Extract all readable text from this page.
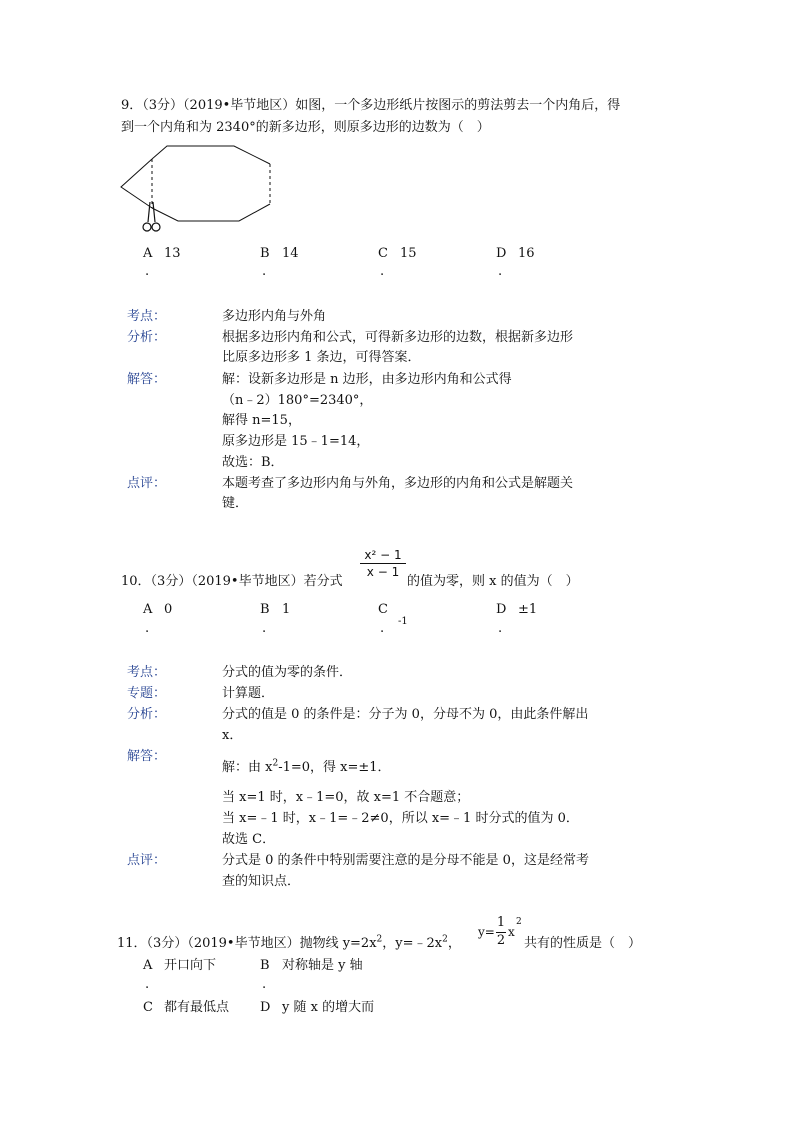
9．（3分）（2019•毕节地区）如图，一个多边形纸片按图示的剪法剪去一个内角后，得
到一个内角和为 2340°的新多边形，则原多边形的边数为（　）
A 13
.
B 14
.
C 15
.
D 16
.
考点：	多边形内角与外角
分析：	根据多边形内角和公式，可得新多边形的边数，根据新多边形
比原多边形多 1 条边，可得答案．
解答：	解：设新多边形是 n 边形，由多边形内角和公式得
（n﹣2）180°=2340°，
解得 n=15，
原多边形是 15﹣1=14，
故选：B．
点评：	本题考查了多边形内角与外角，多边形的内角和公式是解题关
键．
10．（3分）（2019•毕节地区）若分式
x² − 1
x − 1
的值为零，则 x 的值为（　）
A 0
.
B 1
.
C
-1
.
D ±1
.
考点：	分式的值为零的条件．
专题：	计算题．
分析：	分式的值是 0 的条件是：分子为 0，分母不为 0，由此条件解出
x．
解答：
解：由 $x^2-1=0$，得 x=±1．
当 x=1 时，x﹣1=0，故 x=1 不合题意；
当 x=﹣1 时，x﹣1=﹣2≠0，所以 x=﹣1 时分式的值为 0．
故选 C．
点评：	分式是 0 的条件中特别需要注意的是分母不能是 0，这是经常考
查的知识点．
11．（3分）（2019•毕节地区）抛物线 $y=2x^2$，$y=﹣2x^2$，
y=
1
2
x
2
共有的性质是（　）
A 开口向下
.
B 对称轴是 y 轴
.
C 都有最低点 D y 随 x 的增大而
